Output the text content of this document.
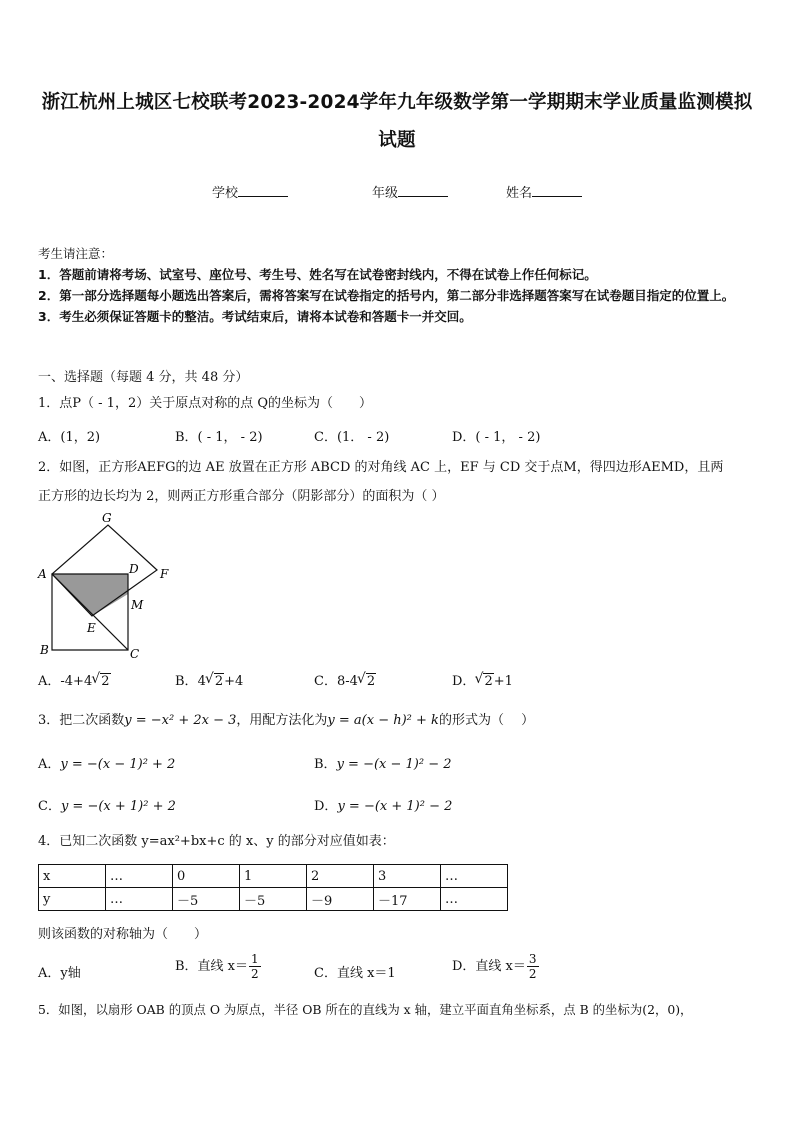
浙江杭州上城区七校联考2023-2024学年九年级数学第一学期期末学业质量监测模拟
试题
学校	年级	姓名

考生请注意：

1．答题前请将考场、试室号、座位号、考生号、姓名写在试卷密封线内，不得在试卷上作任何标记。

2．第一部分选择题每小题选出答案后，需将答案写在试卷指定的括号内，第二部分非选择题答案写在试卷题目指定的位置上。

3．考生必须保证答题卡的整洁。考试结束后，请将本试卷和答题卡一并交回。

一、选择题（每题 4 分，共 48 分）
1．点P（ - 1，2）关于原点对称的点 Q的坐标为（　　）
A．(1，2)	B．( - 1， - 2)	C．(1． - 2)	D．( - 1， - 2)
2．如图，正方形AEFG的边 AE 放置在正方形 ABCD 的对角线 AC 上，EF 与 CD 交于点M，得四边形AEMD，且两
正方形的边长均为 2，则两正方形重合部分（阴影部分）的面积为（ ）
G
A	D F
M
E
B	C
A．-4+4 √ 2	B．4 √ 2+4	C．8-4 √ 2	D． √ 2+1
3．把二次函数y = −x² + 2x − 3，用配方法化为y = a(x − h)² + k的形式为（　 ）
A．y = −(x − 1)² + 2	B．y = −(x − 1)² − 2
C．y = −(x + 1)² + 2	D．y = −(x + 1)² − 2
4．已知二次函数 y=ax²+bx+c 的 x、y 的部分对应值如表：
x	…	0	1	2	3	…
y	…	－5	－5	－9	－17	…
则该函数的对称轴为（　　）
A．y轴	B．直线 $x= \frac{1}{2}$	C．直线 x＝1	D．直线 $x= \frac{3}{2}$
5．如图，以扇形 OAB 的顶点 O 为原点，半径 OB 所在的直线为 x 轴，建立平面直角坐标系，点 B 的坐标为(2，0)，
